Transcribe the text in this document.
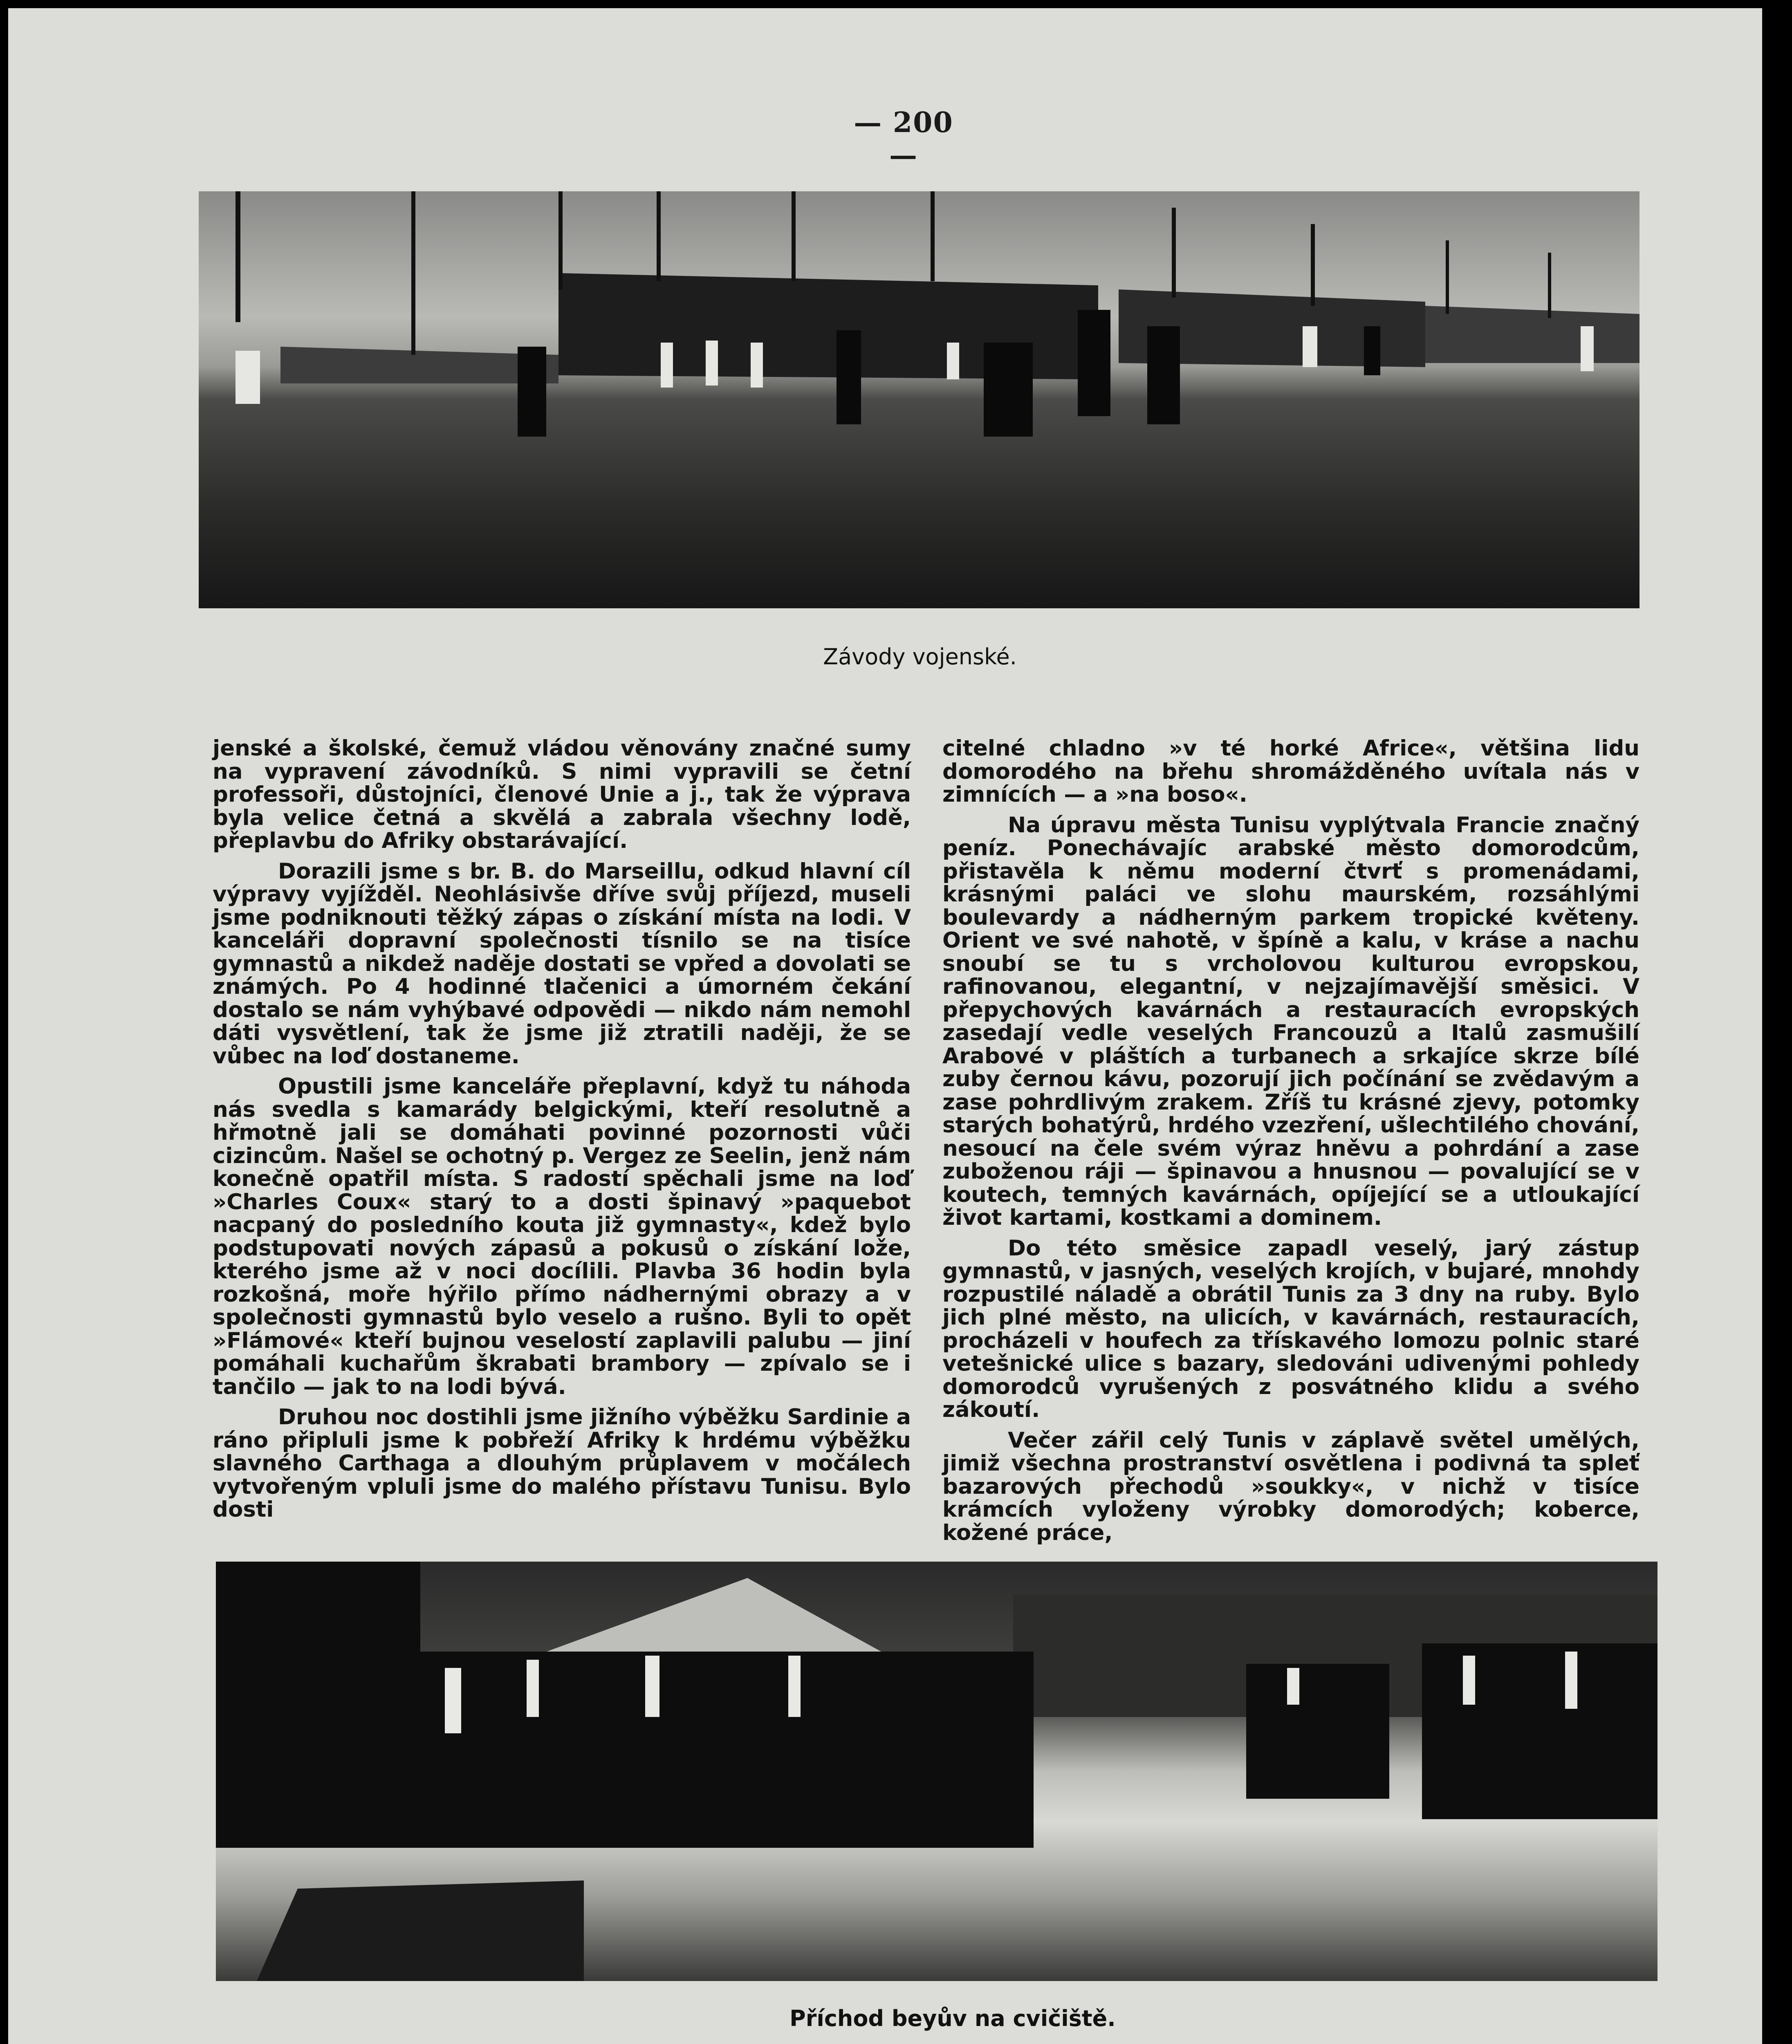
— 200 —
Závody vojenské.

jenské a školské, čemuž vládou věnovány značné sumy na vypravení závodníků. S nimi vypravili se četní professoři, důstojníci, členové Unie a j., tak že výprava byla velice četná a skvělá a zabrala všechny lodě, přeplavbu do Afriky obstarávající.

Dorazili jsme s br. B. do Marseillu, odkud hlavní cíl výpravy vyjížděl. Neohlásivše dříve svůj příjezd, museli jsme podniknouti těžký zápas o získání místa na lodi. V kanceláři dopravní společnosti tísnilo se na tisíce gymnastů a nikdež naděje dostati se vpřed a dovolati se známých. Po 4 hodinné tlačenici a úmorném čekání dostalo se nám vyhýbavé odpovědi — nikdo nám nemohl dáti vysvětlení, tak že jsme již ztratili naději, že se vůbec na loď dostaneme.

Opustili jsme kanceláře přeplavní, když tu náhoda nás svedla s kamarády belgickými, kteří resolutně a hřmotně jali se domáhati povinné pozornosti vůči cizincům. Našel se ochotný p. Vergez ze Seelin, jenž nám konečně opatřil místa. S radostí spěchali jsme na loď »Charles Coux« starý to a dosti špinavý »paquebot nacpaný do posledního kouta již gymnasty«, kdež bylo podstupovati nových zápasů a pokusů o získání lože, kterého jsme až v noci docílili. Plavba 36 hodin byla rozkošná, moře hýřilo přímo nádhernými obrazy a v společnosti gymnastů bylo veselo a rušno. Byli to opět »Flámové« kteří bujnou veselostí zaplavili palubu — jiní pomáhali kuchařům škrabati brambory — zpívalo se i tančilo — jak to na lodi bývá.

Druhou noc dostihli jsme jižního výběžku Sardinie a ráno připluli jsme k pobřeží Afriky k hrdému výběžku slavného Carthaga a dlouhým průplavem v močálech vytvořeným vpluli jsme do malého přístavu Tunisu. Bylo dosti

citelné chladno »v té horké Africe«, většina lidu domorodého na břehu shromážděného uvítala nás v zimnících — a »na boso«.

Na úpravu města Tunisu vyplýtvala Francie značný peníz. Ponechávajíc arabské město domorodcům, přistavěla k němu moderní čtvrť s promenádami, krásnými paláci ve slohu maurském, rozsáhlými boulevardy a nádherným parkem tropické květeny. Orient ve své nahotě, v špíně a kalu, v kráse a nachu snoubí se tu s vrcholovou kulturou evropskou, rafinovanou, elegantní, v nejzajímavější směsici. V přepychových kavárnách a restauracích evropských zasedají vedle veselých Francouzů a Italů zasmušilí Arabové v pláštích a turbanech a srkajíce skrze bílé zuby černou kávu, pozorují jich počínání se zvědavým a zase pohrdlivým zrakem. Zříš tu krásné zjevy, potomky starých bohatýrů, hrdého vzezření, ušlechtilého chování, nesoucí na čele svém výraz hněvu a pohrdání a zase zuboženou ráji — špinavou a hnusnou — povalující se v koutech, temných kavárnách, opíjející se a utloukající život kartami, kostkami a dominem.

Do této směsice zapadl veselý, jarý zástup gymnastů, v jasných, veselých krojích, v bujaré, mnohdy rozpustilé náladě a obrátil Tunis za 3 dny na ruby. Bylo jich plné město, na ulicích, v kavárnách, restauracích, procházeli v houfech za třískavého lomozu polnic staré vetešnické ulice s bazary, sledováni udivenými pohledy domorodců vyrušených z posvátného klidu a svého zákoutí.

Večer zářil celý Tunis v záplavě světel umělých, jimiž všechna prostranství osvětlena i podivná ta spleť bazarových přechodů »soukky«, v nichž v tisíce krámcích vyloženy výrobky domorodých; koberce, kožené práce,

Příchod beyův na cvičiště.
